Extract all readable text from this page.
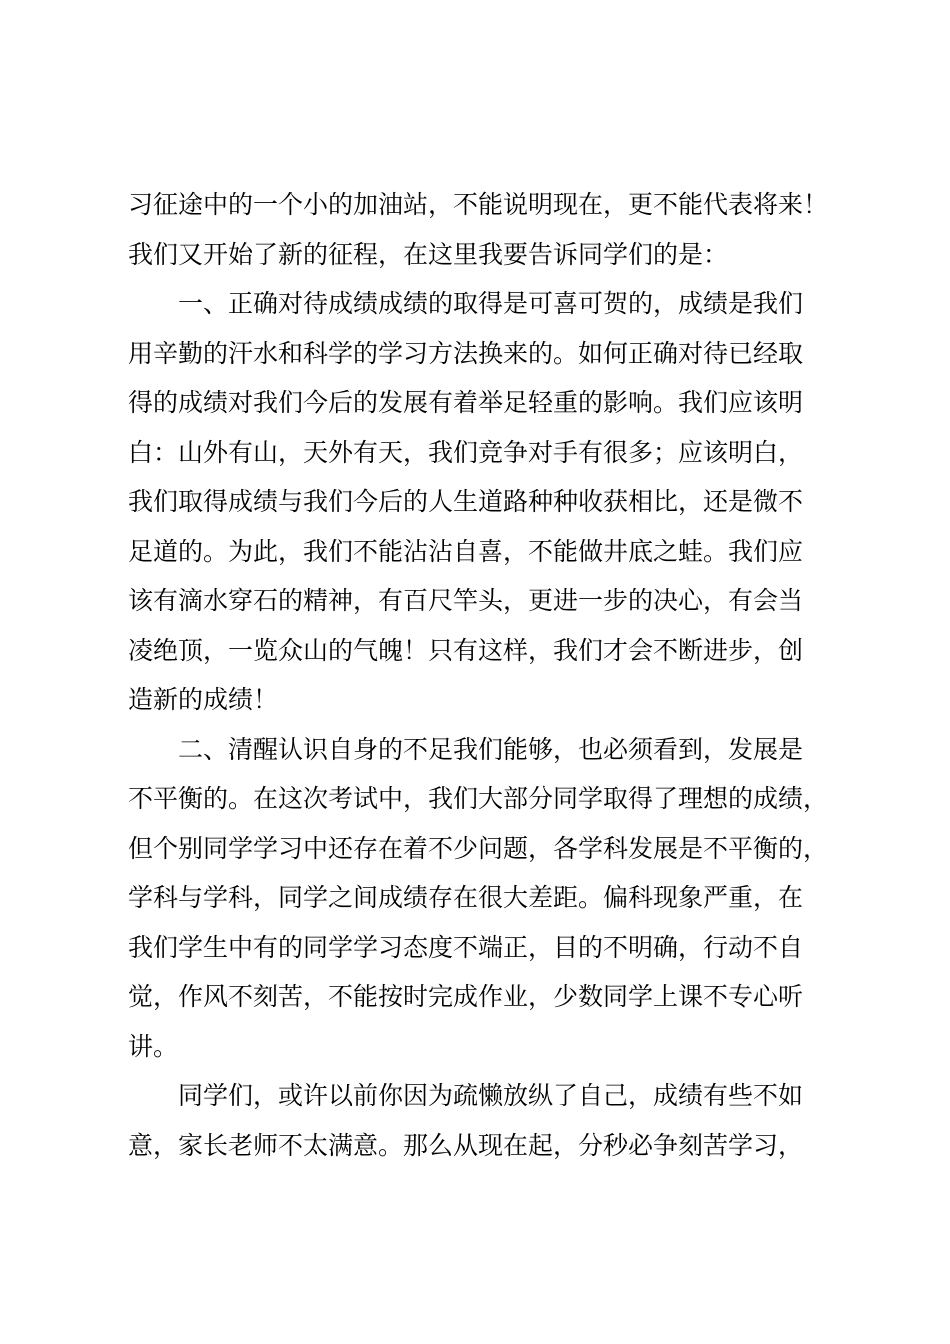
习征途中的一个小的加油站，不能说明现在，更不能代表将来！
我们又开始了新的征程，在这里我要告诉同学们的是：
一、正确对待成绩成绩的取得是可喜可贺的，成绩是我们
用辛勤的汗水和科学的学习方法换来的。如何正确对待已经取
得的成绩对我们今后的发展有着举足轻重的影响。我们应该明
白：山外有山，天外有天，我们竞争对手有很多；应该明白，
我们取得成绩与我们今后的人生道路种种收获相比，还是微不
足道的。为此，我们不能沾沾自喜，不能做井底之蛙。我们应
该有滴水穿石的精神，有百尺竿头，更进一步的决心，有会当
凌绝顶，一览众山的气魄！只有这样，我们才会不断进步，创
造新的成绩！
二、清醒认识自身的不足我们能够，也必须看到，发展是
不平衡的。在这次考试中，我们大部分同学取得了理想的成绩，
但个别同学学习中还存在着不少问题，各学科发展是不平衡的，
学科与学科，同学之间成绩存在很大差距。偏科现象严重，在
我们学生中有的同学学习态度不端正，目的不明确，行动不自
觉，作风不刻苦，不能按时完成作业，少数同学上课不专心听
讲。
同学们，或许以前你因为疏懒放纵了自己，成绩有些不如
意，家长老师不太满意。那么从现在起，分秒必争刻苦学习，
